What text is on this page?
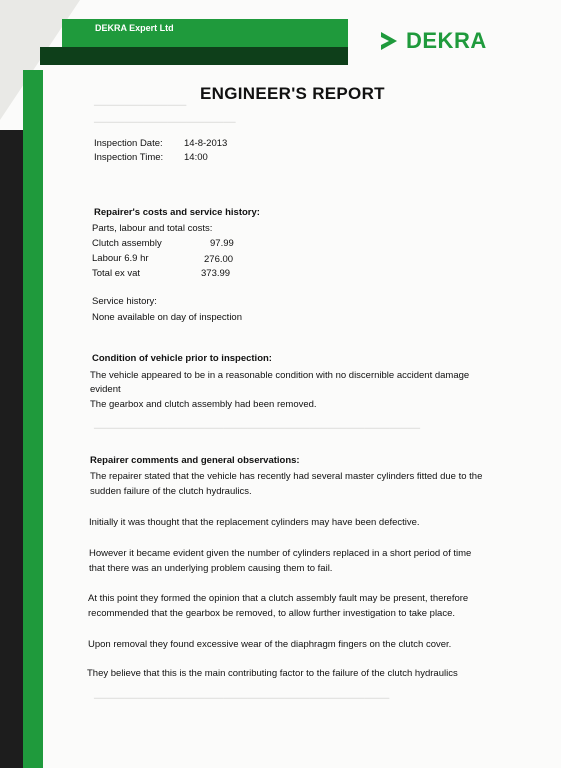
DEKRA Expert Ltd	DEKRA
▁▁▁▁▁▁▁▁▁▁▁▁▁▁▁
▁▁▁▁▁▁▁▁▁▁▁▁▁▁▁▁▁▁▁▁▁▁▁
▁▁▁▁▁▁▁▁▁▁▁▁▁▁▁▁▁▁▁▁▁▁▁▁▁▁▁▁▁▁▁▁▁▁▁▁▁▁▁▁▁▁▁▁▁▁▁▁▁▁▁▁▁
▁▁▁▁▁▁▁▁▁▁▁▁▁▁▁▁▁▁▁▁▁▁▁▁▁▁▁▁▁▁▁▁▁▁▁▁▁▁▁▁▁▁▁▁▁▁▁▁
ENGINEER'S REPORT
Inspection Date: 14-8-2013
Inspection Time: 14:00
Repairer's costs and service history:
Parts, labour and total costs:
Clutch assembly	97.99
Labour 6.9 hr	276.00
Total ex vat	373.99
Service history:
None available on day of inspection
Condition of vehicle prior to inspection:
The vehicle appeared to be in a reasonable condition with no discernible accident damage
evident
The gearbox and clutch assembly had been removed.
Repairer comments and general observations:
The repairer stated that the vehicle has recently had several master cylinders fitted due to the
sudden failure of the clutch hydraulics.
Initially it was thought that the replacement cylinders may have been defective.
However it became evident given the number of cylinders replaced in a short period of time
that there was an underlying problem causing them to fail.
At this point they formed the opinion that a clutch assembly fault may be present, therefore
recommended that the gearbox be removed, to allow further investigation to take place.
Upon removal they found excessive wear of the diaphragm fingers on the clutch cover.
They believe that this is the main contributing factor to the failure of the clutch hydraulics
